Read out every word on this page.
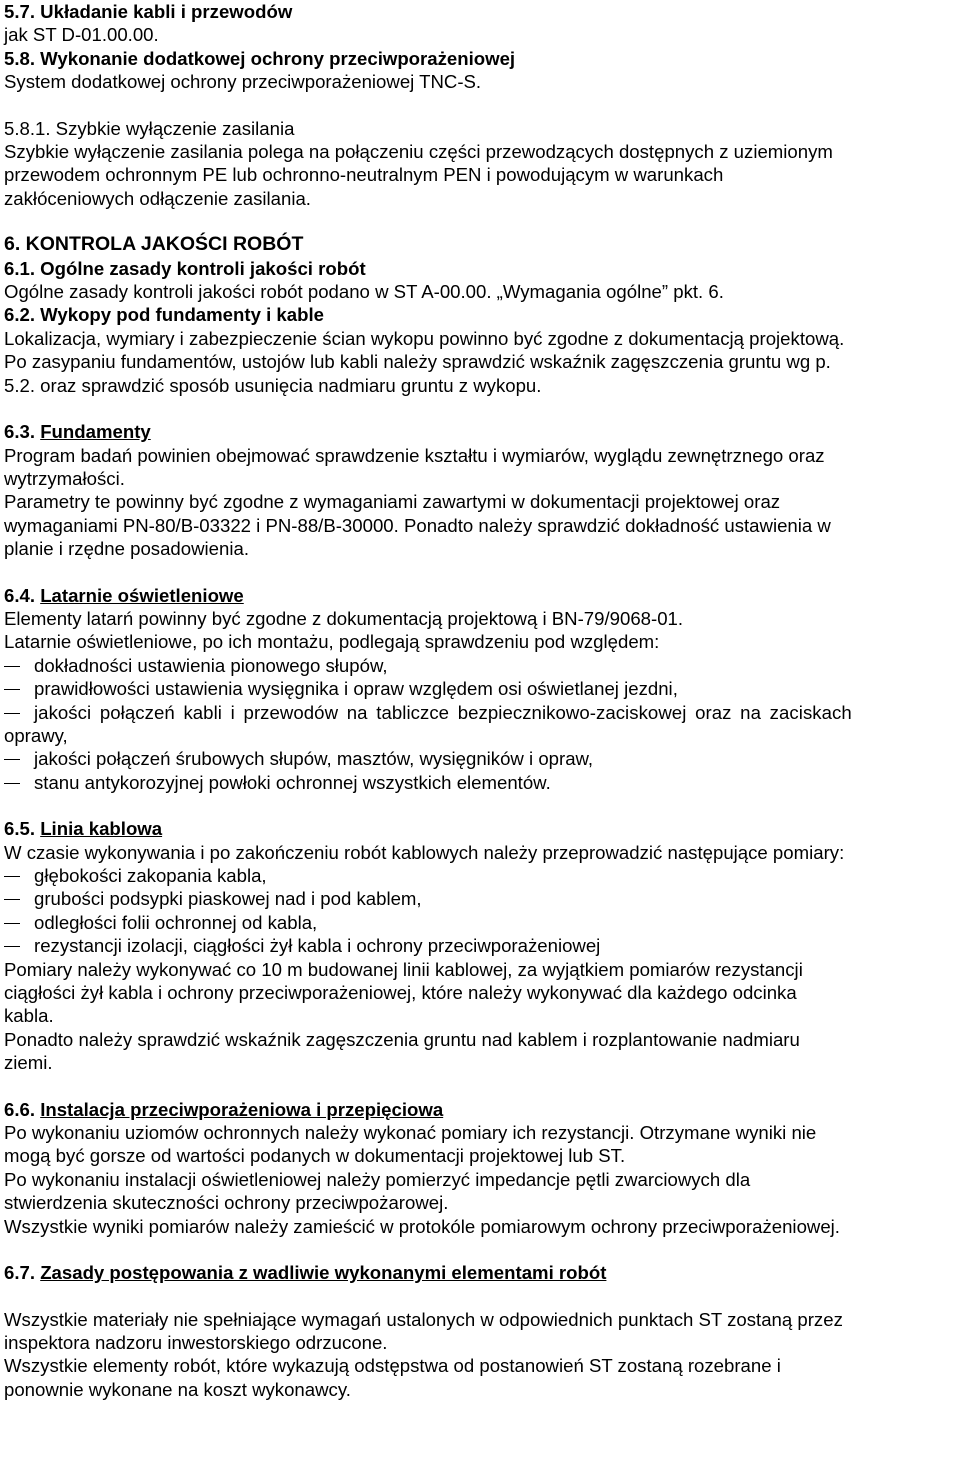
5.7. Układanie kabli i przewodów
jak ST D-01.00.00.
5.8. Wykonanie dodatkowej ochrony przeciwporażeniowej
System dodatkowej ochrony przeciwporażeniowej TNC-S.
5.8.1. Szybkie wyłączenie zasilania
Szybkie wyłączenie zasilania polega na połączeniu części przewodzących dostępnych z uziemionym
przewodem ochronnym PE lub ochronno-neutralnym PEN i powodującym w warunkach
zakłóceniowych odłączenie zasilania.
6. KONTROLA JAKOŚCI ROBÓT
6.1. Ogólne zasady kontroli jakości robót
Ogólne zasady kontroli jakości robót podano w ST A-00.00. „Wymagania ogólne” pkt. 6.
6.2. Wykopy pod fundamenty i kable
Lokalizacja, wymiary i zabezpieczenie ścian wykopu powinno być zgodne z dokumentacją projektową.
Po zasypaniu fundamentów, ustojów lub kabli należy sprawdzić wskaźnik zagęszczenia gruntu wg p.
5.2. oraz sprawdzić sposób usunięcia nadmiaru gruntu z wykopu.
6.3. Fundamenty
Program badań powinien obejmować sprawdzenie kształtu i wymiarów, wyglądu zewnętrznego oraz
wytrzymałości.
Parametry te powinny być zgodne z wymaganiami zawartymi w dokumentacji projektowej oraz
wymaganiami PN-80/B-03322 i PN-88/B-30000. Ponadto należy sprawdzić dokładność ustawienia w
planie i rzędne posadowienia.
6.4. Latarnie oświetleniowe
Elementy latarń powinny być zgodne z dokumentacją projektową i BN-79/9068-01.
Latarnie oświetleniowe, po ich montażu, podlegają sprawdzeniu pod względem:
dokładności ustawienia pionowego słupów,
prawidłowości ustawienia wysięgnika i opraw względem osi oświetlanej jezdni,
jakości połączeń kabli i przewodów na tabliczce bezpiecznikowo-zaciskowej oraz na zaciskach
oprawy,
jakości połączeń śrubowych słupów, masztów, wysięgników i opraw,
stanu antykorozyjnej powłoki ochronnej wszystkich elementów.
6.5. Linia kablowa
W czasie wykonywania i po zakończeniu robót kablowych należy przeprowadzić następujące pomiary:
głębokości zakopania kabla,
grubości podsypki piaskowej nad i pod kablem,
odległości folii ochronnej od kabla,
rezystancji izolacji, ciągłości żył kabla i ochrony przeciwporażeniowej
Pomiary należy wykonywać co 10 m budowanej linii kablowej, za wyjątkiem pomiarów rezystancji
ciągłości żył kabla i ochrony przeciwporażeniowej, które należy wykonywać dla każdego odcinka
kabla.
Ponadto należy sprawdzić wskaźnik zagęszczenia gruntu nad kablem i rozplantowanie nadmiaru
ziemi.
6.6. Instalacja przeciwporażeniowa i przepięciowa
Po wykonaniu uziomów ochronnych należy wykonać pomiary ich rezystancji. Otrzymane wyniki nie
mogą być gorsze od wartości podanych w dokumentacji projektowej lub ST.
Po wykonaniu instalacji oświetleniowej należy pomierzyć impedancje pętli zwarciowych dla
stwierdzenia skuteczności ochrony przeciwpożarowej.
Wszystkie wyniki pomiarów należy zamieścić w protokóle pomiarowym ochrony przeciwporażeniowej.
6.7. Zasady postępowania z wadliwie wykonanymi elementami robót
Wszystkie materiały nie spełniające wymagań ustalonych w odpowiednich punktach ST zostaną przez
inspektora nadzoru inwestorskiego odrzucone.
Wszystkie elementy robót, które wykazują odstępstwa od postanowień ST zostaną rozebrane i
ponownie wykonane na koszt wykonawcy.
